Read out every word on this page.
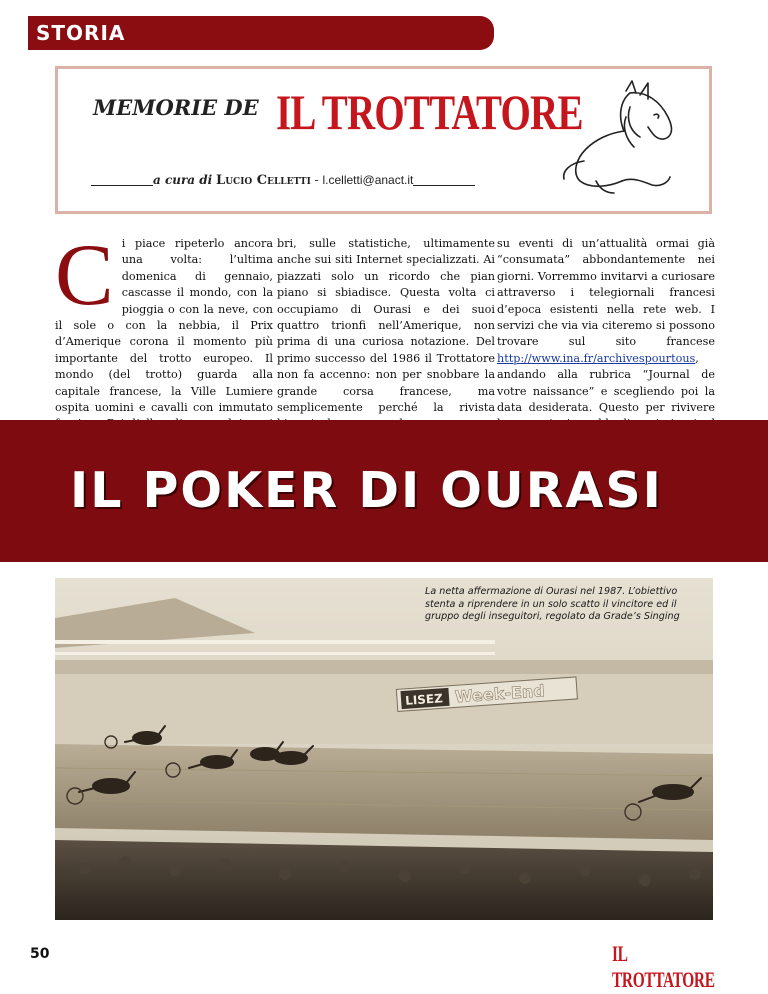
STORIA
MEMORIE DE IL TROTTATORE
a cura di Lucio Celletti - l.celletti@anact.it
Ci piace ripeterlo ancora una volta: l’ultima domenica di gennaio, cascasse il mondo, con la pioggia o con la neve, con il sole o con la nebbia, il Prix d’Amerique corona il momento più importante del trotto europeo. Il mondo (del trotto) guarda alla capitale francese, la Ville Lumiere ospita uomini e cavalli con immutato
bri, sulle statistiche, ultimamente anche sui siti Internet specializzati. Ai piazzati solo un ricordo che pian piano si sbiadisce. Questa volta ci occupiamo di Ourasi e dei suoi quattro trionfi nell’Amerique, non prima di una curiosa notazione. Del primo successo del 1986 il Trottatore non fa accenno: non per snobbare la grande corsa francese, ma semplicemente perché la rivista
su eventi di un’attualità ormai già “consumata” abbondantemente nei giorni. Vorremmo invitarvi a curiosare attraverso i telegiornali francesi d’epoca esistenti nella rete web. I servizi che via via citeremo si possono trovare sul sito francese http://www.ina.fr/archivespourtous, andando alla rubrica “Journal de votre naissance” e scegliendo poi la data desiderata. Questo per rivivere
IL POKER DI OURASI
LISEZ Week-End
La netta affermazione di Ourasi nel 1987. L’obiettivo stenta a riprendere in un solo scatto il vincitore ed il gruppo degli inseguitori, regolato da Grade’s Singing
50	IL TROTTATORE
